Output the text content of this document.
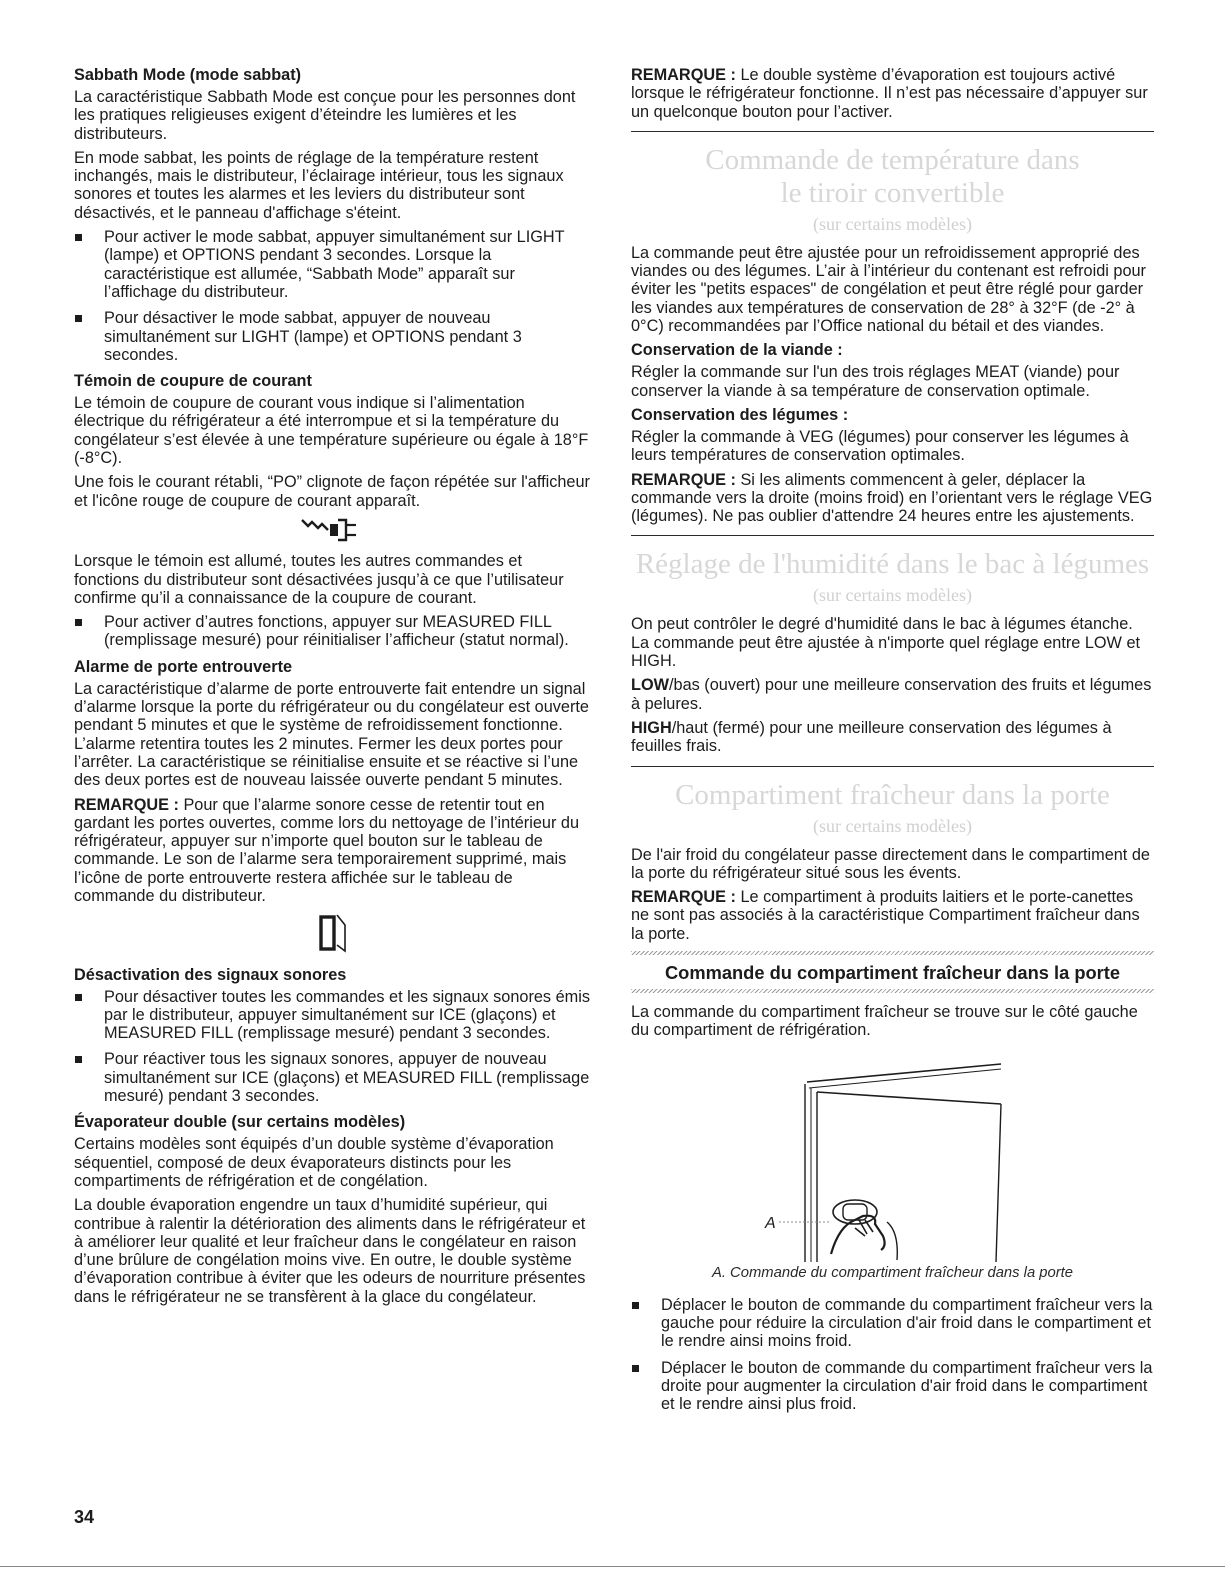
Sabbath Mode (mode sabbat)

La caractéristique Sabbath Mode est conçue pour les personnes dont les pratiques religieuses exigent d’éteindre les lumières et les distributeurs.

En mode sabbat, les points de réglage de la température restent inchangés, mais le distributeur, l’éclairage intérieur, tous les signaux sonores et toutes les alarmes et les leviers du distributeur sont désactivés, et le panneau d'affichage s'éteint.

Pour activer le mode sabbat, appuyer simultanément sur LIGHT (lampe) et OPTIONS pendant 3 secondes. Lorsque la caractéristique est allumée, “Sabbath Mode” apparaît sur l’affichage du distributeur.
Pour désactiver le mode sabbat, appuyer de nouveau simultanément sur LIGHT (lampe) et OPTIONS pendant 3 secondes.
Témoin de coupure de courant

Le témoin de coupure de courant vous indique si l’alimentation électrique du réfrigérateur a été interrompue et si la température du congélateur s’est élevée à une température supérieure ou égale à 18°F (-8°C).

Une fois le courant rétabli, “PO” clignote de façon répétée sur l'afficheur et l'icône rouge de coupure de courant apparaît.

Lorsque le témoin est allumé, toutes les autres commandes et fonctions du distributeur sont désactivées jusqu’à ce que l’utilisateur confirme qu’il a connaissance de la coupure de courant.

Pour activer d’autres fonctions, appuyer sur MEASURED FILL (remplissage mesuré) pour réinitialiser l’afficheur (statut normal).
Alarme de porte entrouverte

La caractéristique d’alarme de porte entrouverte fait entendre un signal d’alarme lorsque la porte du réfrigérateur ou du congélateur est ouverte pendant 5 minutes et que le système de refroidissement fonctionne. L’alarme retentira toutes les 2 minutes. Fermer les deux portes pour l’arrêter. La caractéristique se réinitialise ensuite et se réactive si l’une des deux portes est de nouveau laissée ouverte pendant 5 minutes.

REMARQUE : Pour que l’alarme sonore cesse de retentir tout en gardant les portes ouvertes, comme lors du nettoyage de l’intérieur du réfrigérateur, appuyer sur n’importe quel bouton sur le tableau de commande. Le son de l’alarme sera temporairement supprimé, mais l’icône de porte entrouverte restera affichée sur le tableau de commande du distributeur.

Désactivation des signaux sonores
Pour désactiver toutes les commandes et les signaux sonores émis par le distributeur, appuyer simultanément sur ICE (glaçons) et MEASURED FILL (remplissage mesuré) pendant 3 secondes.
Pour réactiver tous les signaux sonores, appuyer de nouveau simultanément sur ICE (glaçons) et MEASURED FILL (remplissage mesuré) pendant 3 secondes.
Évaporateur double (sur certains modèles)

Certains modèles sont équipés d’un double système d’évaporation séquentiel, composé de deux évaporateurs distincts pour les compartiments de réfrigération et de congélation.

La double évaporation engendre un taux d’humidité supérieur, qui contribue à ralentir la détérioration des aliments dans le réfrigérateur et à améliorer leur qualité et leur fraîcheur dans le congélateur en raison d’une brûlure de congélation moins vive. En outre, le double système d’évaporation contribue à éviter que les odeurs de nourriture présentes dans le réfrigérateur ne se transfèrent à la glace du congélateur.

REMARQUE : Le double système d’évaporation est toujours activé lorsque le réfrigérateur fonctionne. Il n’est pas nécessaire d’appuyer sur un quelconque bouton pour l’activer.

Commande de température dans
le tiroir convertible
(sur certains modèles)

La commande peut être ajustée pour un refroidissement approprié des viandes ou des légumes. L’air à l’intérieur du contenant est refroidi pour éviter les "petits espaces" de congélation et peut être réglé pour garder les viandes aux températures de conservation de 28° à 32°F (de -2° à 0°C) recommandées par l’Office national du bétail et des viandes.

Conservation de la viande :

Régler la commande sur l'un des trois réglages MEAT (viande) pour conserver la viande à sa température de conservation optimale.

Conservation des légumes :

Régler la commande à VEG (légumes) pour conserver les légumes à leurs températures de conservation optimales.

REMARQUE : Si les aliments commencent à geler, déplacer la commande vers la droite (moins froid) en l’orientant vers le réglage VEG (légumes). Ne pas oublier d'attendre 24 heures entre les ajustements.

Réglage de l'humidité dans le bac à légumes
(sur certains modèles)

On peut contrôler le degré d'humidité dans le bac à légumes étanche. La commande peut être ajustée à n'importe quel réglage entre LOW et HIGH.

LOW/bas (ouvert) pour une meilleure conservation des fruits et légumes à pelures.

HIGH/haut (fermé) pour une meilleure conservation des légumes à feuilles frais.

Compartiment fraîcheur dans la porte
(sur certains modèles)

De l'air froid du congélateur passe directement dans le compartiment de la porte du réfrigérateur situé sous les évents.

REMARQUE : Le compartiment à produits laitiers et le porte-canettes ne sont pas associés à la caractéristique Compartiment fraîcheur dans la porte.

Commande du compartiment fraîcheur dans la porte

La commande du compartiment fraîcheur se trouve sur le côté gauche du compartiment de réfrigération.

A
A. Commande du compartiment fraîcheur dans la porte
Déplacer le bouton de commande du compartiment fraîcheur vers la gauche pour réduire la circulation d'air froid dans le compartiment et le rendre ainsi moins froid.
Déplacer le bouton de commande du compartiment fraîcheur vers la droite pour augmenter la circulation d'air froid dans le compartiment et le rendre ainsi plus froid.
34
